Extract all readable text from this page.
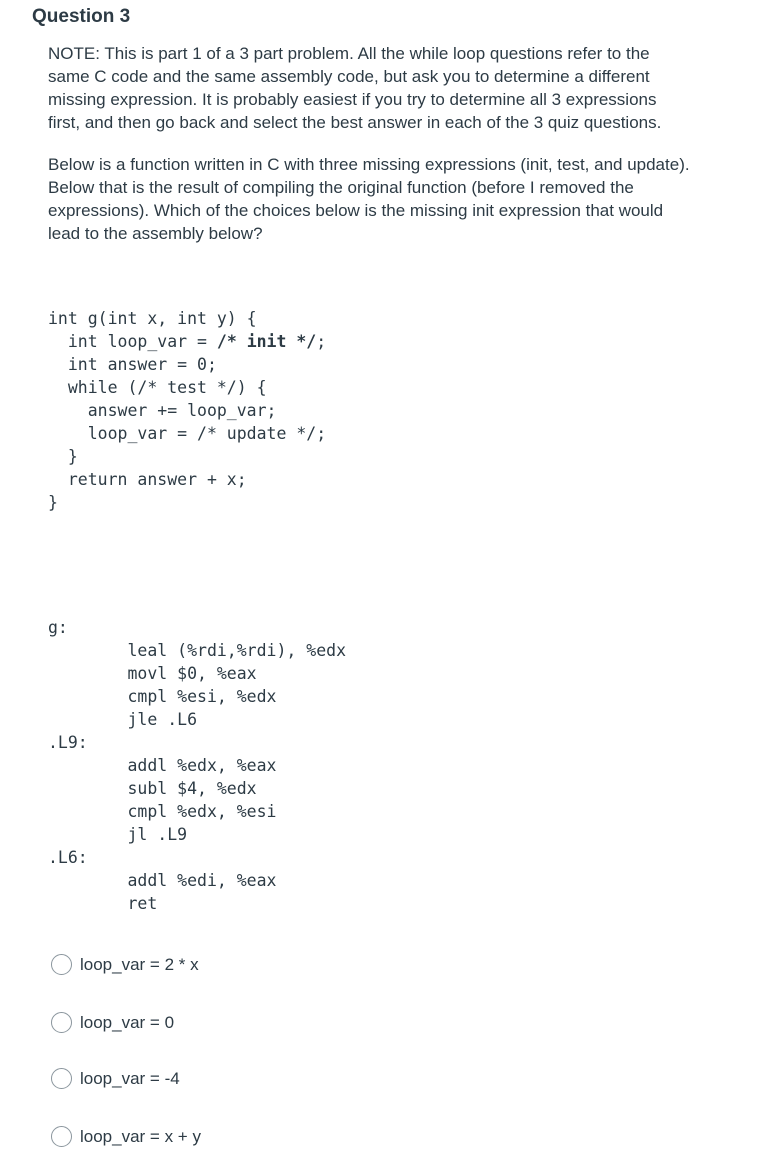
Question 3
NOTE: This is part 1 of a 3 part problem. All the while loop questions refer to the
same C code and the same assembly code, but ask you to determine a different
missing expression. It is probably easiest if you try to determine all 3 expressions
first, and then go back and select the best answer in each of the 3 quiz questions.
Below is a function written in C with three missing expressions (init, test, and update).
Below that is the result of compiling the original function (before I removed the
expressions). Which of the choices below is the missing init expression that would
lead to the assembly below?
int g(int x, int y) {
int loop_var = /* init */;
int answer = 0;
while (/* test */) {
answer += loop_var;
loop_var = /* update */;
}
return answer + x;
}
g:
leal (%rdi,%rdi), %edx
movl $0, %eax
cmpl %esi, %edx
jle .L6
.L9:
addl %edx, %eax
subl $4, %edx
cmpl %edx, %esi
jl .L9
.L6:
addl %edi, %eax
ret
loop_var = 2 * x
loop_var = 0
loop_var = -4
loop_var = x + y
